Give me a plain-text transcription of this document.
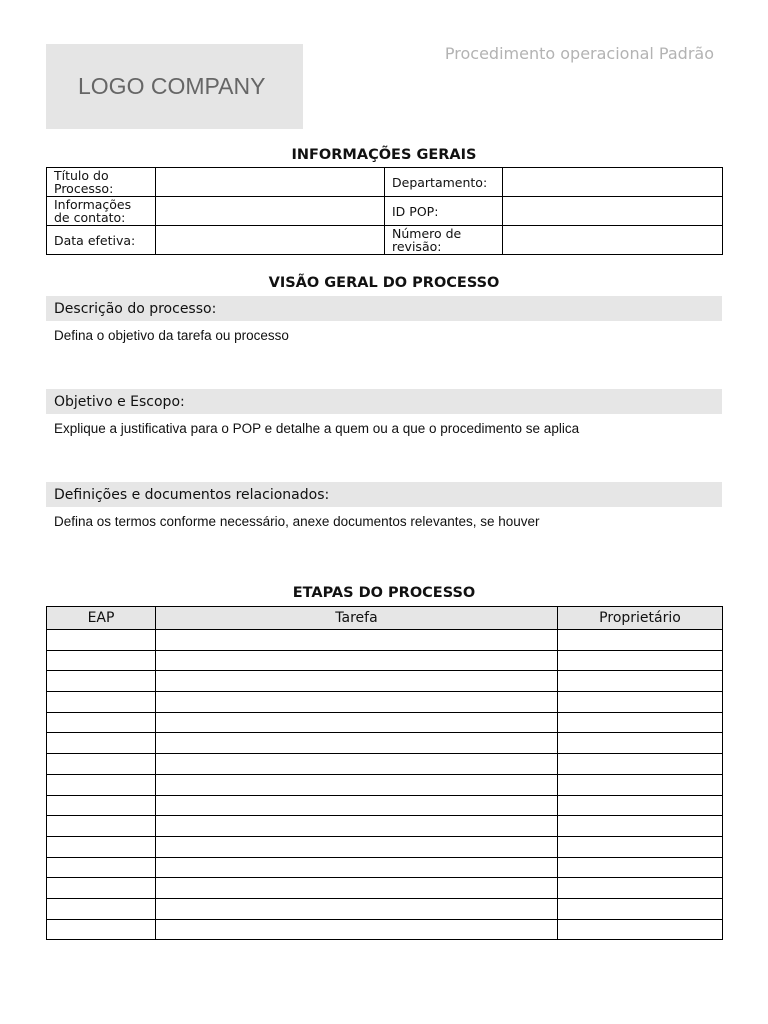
LOGO COMPANY
Procedimento operacional Padrão
INFORMAÇÕES GERAIS
Título do Processo:		Departamento:	
Informações de contato:		ID POP:	
Data efetiva:		Número de revisão:	
VISÃO GERAL DO PROCESSO
Descrição do processo:
Defina o objetivo da tarefa ou processo
Objetivo e Escopo:
Explique a justificativa para o POP e detalhe a quem ou a que o procedimento se aplica
Definições e documentos relacionados:
Defina os termos conforme necessário, anexe documentos relevantes, se houver
ETAPAS DO PROCESSO
EAP	Tarefa	Proprietário
